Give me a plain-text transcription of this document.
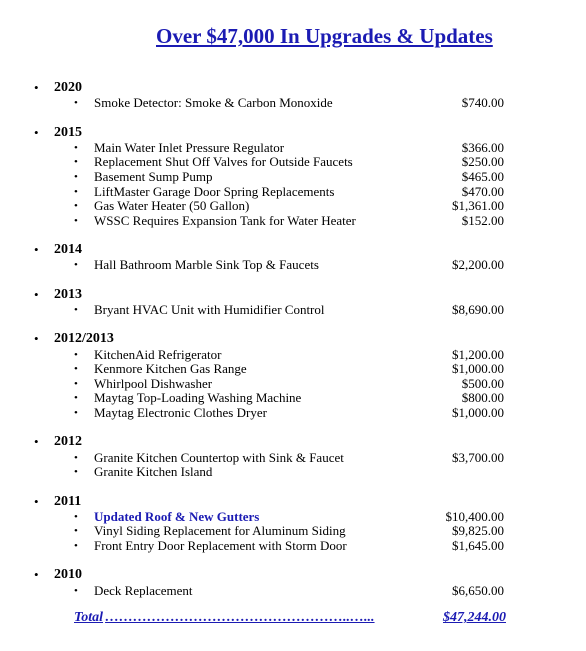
Over $47,000 In Upgrades & Updates
•	2020
•	Smoke Detector: Smoke & Carbon Monoxide	$740.00
•	2015
•	Main Water Inlet Pressure Regulator	$366.00
•	Replacement Shut Off Valves for Outside Faucets	$250.00
•	Basement Sump Pump	$465.00
•	LiftMaster Garage Door Spring Replacements	$470.00
•	Gas Water Heater (50 Gallon)	$1,361.00
•	WSSC Requires Expansion Tank for Water Heater	$152.00
•	2014
•	Hall Bathroom Marble Sink Top & Faucets	$2,200.00
•	2013
•	Bryant HVAC Unit with Humidifier Control	$8,690.00
•	2012/2013
•	KitchenAid Refrigerator	$1,200.00
•	Kenmore Kitchen Gas Range	$1,000.00
•	Whirlpool Dishwasher	$500.00
•	Maytag Top-Loading Washing Machine	$800.00
•	Maytag Electronic Clothes Dryer	$1,000.00
•	2012
•	Granite Kitchen Countertop with Sink & Faucet	$3,700.00
•	Granite Kitchen Island
•	2011
•	Updated Roof & New Gutters	$10,400.00
•	Vinyl Siding Replacement for Aluminum Siding	$9,825.00
•	Front Entry Door Replacement with Storm Door	$1,645.00
•	2010
•	Deck Replacement	$6,650.00
Total ……………………………………………..…...	$47,244.00
